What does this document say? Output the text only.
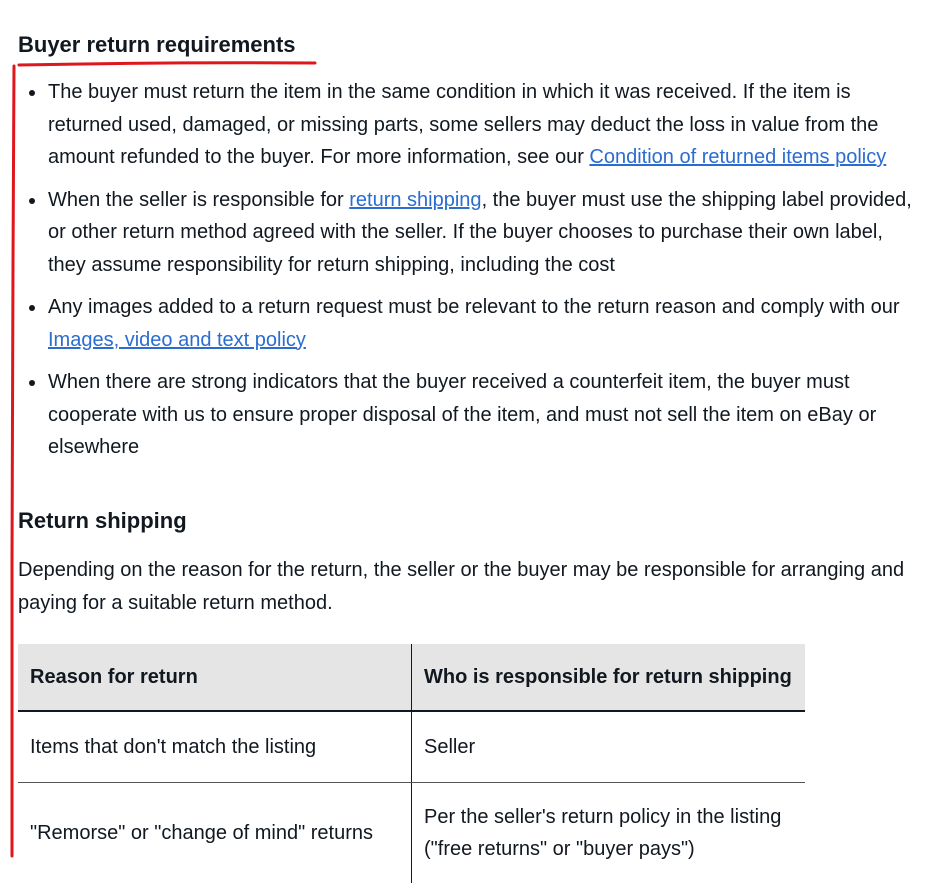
Buyer return requirements
The buyer must return the item in the same condition in which it was received. If the item is returned used, damaged, or missing parts, some sellers may deduct the loss in value from the amount refunded to the buyer. For more information, see our Condition of returned items policy
When the seller is responsible for return shipping, the buyer must use the shipping label provided, or other return method agreed with the seller. If the buyer chooses to purchase their own label, they assume responsibility for return shipping, including the cost
Any images added to a return request must be relevant to the return reason and comply with our Images, video and text policy
When there are strong indicators that the buyer received a counterfeit item, the buyer must cooperate with us to ensure proper disposal of the item, and must not sell the item on eBay or elsewhere
Return shipping

Depending on the reason for the return, the seller or the buyer may be responsible for arranging and paying for a suitable return method.

Reason for return	Who is responsible for return shipping
Items that don't match the listing	Seller
"Remorse" or "change of mind" returns	Per the seller's return policy in the listing ("free returns" or "buyer pays")
